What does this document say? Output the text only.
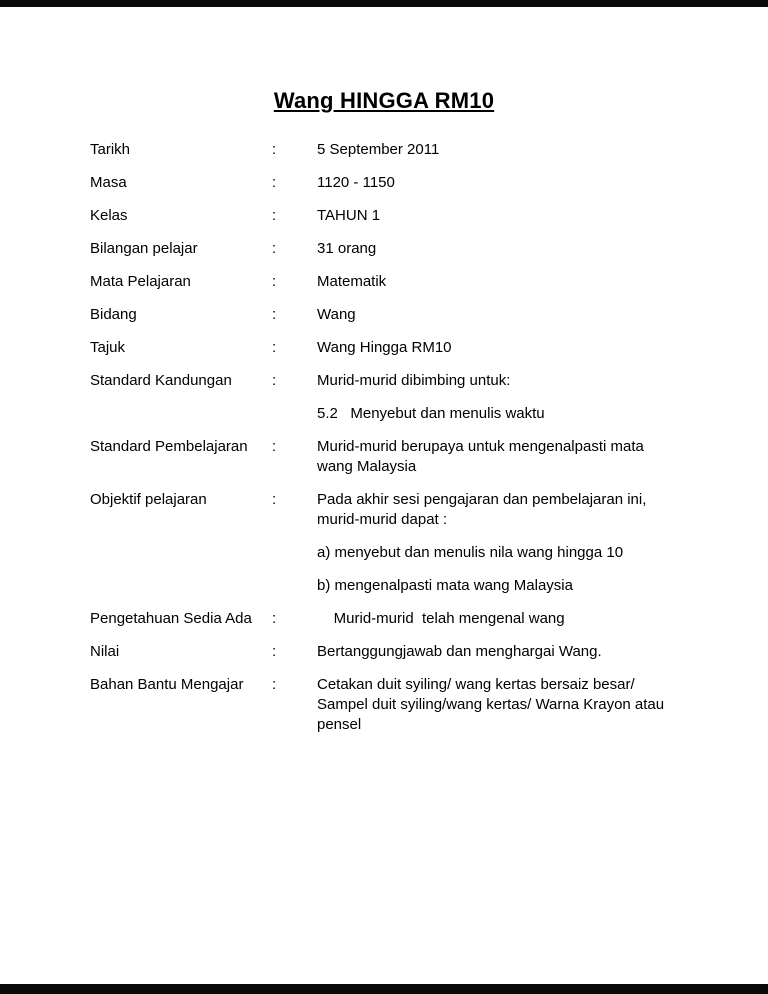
Wang HINGGA RM10
Tarikh	:	5 September 2011

Masa	:	1120 - 1150

Kelas	:	TAHUN 1

Bilangan pelajar	:	31 orang

Mata Pelajaran	:	Matematik

Bidang	:	Wang

Tajuk	:	Wang Hingga RM10

Standard Kandungan	:	Murid-murid dibimbing untuk:

5.2   Menyebut dan menulis waktu

Standard Pembelajaran	:	Murid-murid berupaya untuk mengenalpasti mata wang Malaysia

Objektif pelajaran	:	Pada akhir sesi pengajaran dan pembelajaran ini, murid-murid dapat :

a) menyebut dan menulis nila wang hingga 10

b) mengenalpasti mata wang Malaysia

Pengetahuan Sedia Ada	:	Murid-murid  telah mengenal wang

Nilai	:	Bertanggungjawab dan menghargai Wang.

Bahan Bantu Mengajar	:	Cetakan duit syiling/ wang kertas bersaiz besar/ Sampel duit syiling/wang kertas/ Warna Krayon atau pensel
